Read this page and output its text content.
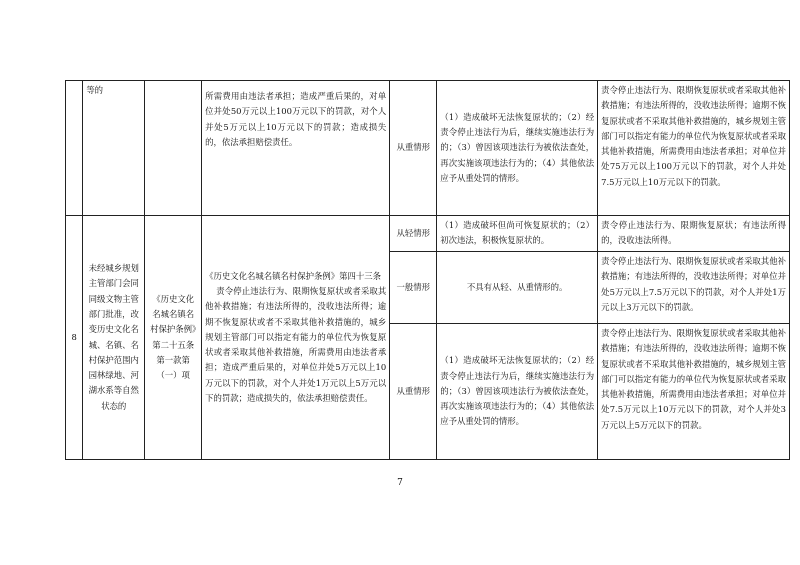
	等的		所需费用由违法者承担；造成严重后果的，对单位并处50万元以上100万元以下的罚款，对个人并处5万元以上10万元以下的罚款；造成损失的，依法承担赔偿责任。	从重情形	（1）造成破坏无法恢复原状的；（2）经责令停止违法行为后，继续实施违法行为的；（3）曾因该项违法行为被依法查处，再次实施该项违法行为的；（4）其他依法应予从重处罚的情形。	责令停止违法行为、限期恢复原状或者采取其他补救措施；有违法所得的，没收违法所得；逾期不恢复原状或者不采取其他补救措施的，城乡规划主管部门可以指定有能力的单位代为恢复原状或者采取其他补救措施，所需费用由违法者承担；对单位并处75万元以上100万元以下的罚款，对个人并处7.5万元以上10万元以下的罚款。
8	未经城乡规划主管部门会同同级文物主管部门批准，改变历史文化名城、名镇、名村保护范围内园林绿地、河湖水系等自然状态的	《历史文化名城名镇名村保护条例》第二十五条第一款第（一）项	《历史文化名城名镇名村保护条例》第四十三条
责令停止违法行为、限期恢复原状或者采取其他补救措施；有违法所得的，没收违法所得；逾期不恢复原状或者不采取其他补救措施的，城乡规划主管部门可以指定有能力的单位代为恢复原状或者采取其他补救措施，所需费用由违法者承担；造成严重后果的，对单位并处5万元以上10万元以下的罚款，对个人并处1万元以上5万元以下的罚款；造成损失的，依法承担赔偿责任。	从轻情形	（1）造成破坏但尚可恢复原状的；（2）初次违法，积极恢复原状的。	责令停止违法行为、限期恢复原状；有违法所得的，没收违法所得。
				一般情形	不具有从轻、从重情形的。	责令停止违法行为、限期恢复原状或者采取其他补救措施；有违法所得的，没收违法所得；对单位并处5万元以上7.5万元以下的罚款，对个人并处1万元以上3万元以下的罚款。
				从重情形	（1）造成破坏无法恢复原状的；（2）经责令停止违法行为后，继续实施违法行为的；（3）曾因该项违法行为被依法查处，再次实施该项违法行为的；（4）其他依法应予从重处罚的情形。	责令停止违法行为、限期恢复原状或者采取其他补救措施；有违法所得的，没收违法所得；逾期不恢复原状或者不采取其他补救措施的，城乡规划主管部门可以指定有能力的单位代为恢复原状或者采取其他补救措施，所需费用由违法者承担；对单位并处7.5万元以上10万元以下的罚款，对个人并处3万元以上5万元以下的罚款。
7
